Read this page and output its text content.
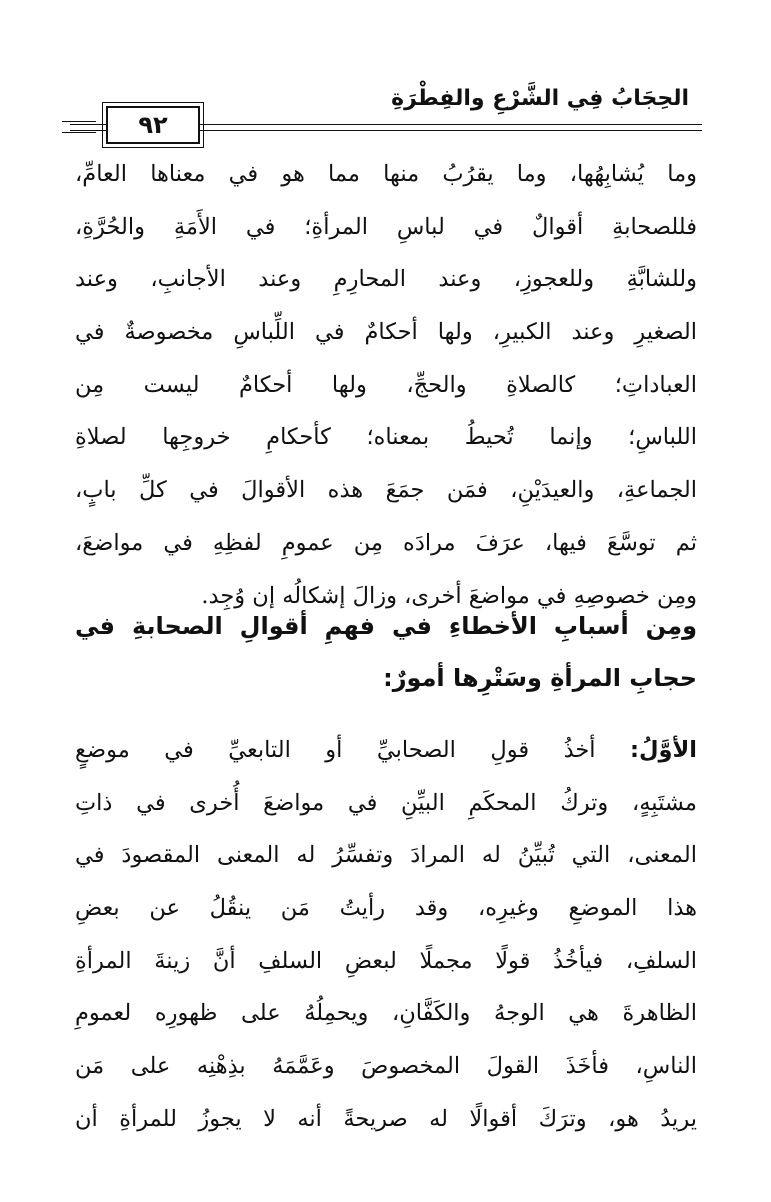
٩٢
الحِجَابُ فِي الشَّرْعِ والفِطْرَةِ
وما يُشابِهُها، وما يقرُبُ منها مما هو في معناها العامِّ،
فللصحابةِ أقوالٌ في لباسِ المرأةِ؛ في الأَمَةِ والحُرَّةِ،
وللشابَّةِ وللعجوزِ، وعند المحارِمِ وعند الأجانبِ، وعند
الصغيرِ وعند الكبيرِ، ولها أحكامٌ في اللِّباسِ مخصوصةٌ في
العباداتِ؛ كالصلاةِ والحجِّ، ولها أحكامٌ ليست مِن
اللباسِ؛ وإنما تُحيطُ بمعناه؛ كأحكامِ خروجِها لصلاةِ
الجماعةِ، والعيدَيْنِ، فمَن جمَعَ هذه الأقوالَ في كلِّ بابٍ،
ثم توسَّعَ فيها، عرَفَ مرادَه مِن عمومِ لفظِهِ في مواضعَ،
ومِن خصوصِهِ في مواضعَ أخرى، وزالَ إشكالُه إن وُجِد.
ومِن أسبابِ الأخطاءِ في فهمِ أقوالِ الصحابةِ في
حجابِ المرأةِ وسَتْرِها أمورٌ:
الأوَّلُ: أخذُ قولِ الصحابيِّ أو التابعيِّ في موضعٍ
مشتَبِهٍ، وتركُ المحكَمِ البيِّنِ في مواضعَ أُخرى في ذاتِ
المعنى، التي تُبيِّنُ له المرادَ وتفسِّرُ له المعنى المقصودَ في
هذا الموضعِ وغيرِه، وقد رأيتُ مَن ينقُلُ عن بعضِ
السلفِ، فيأخُذُ قولًا مجملًا لبعضِ السلفِ أنَّ زينةَ المرأةِ
الظاهرةَ هي الوجهُ والكَفَّانِ، ويحمِلُهُ على ظهورِه لعمومِ
الناسِ، فأخَذَ القولَ المخصوصَ وعَمَّمَهُ بذِهْنِه على مَن
يريدُ هو، وترَكَ أقوالًا له صريحةً أنه لا يجوزُ للمرأةِ أن
